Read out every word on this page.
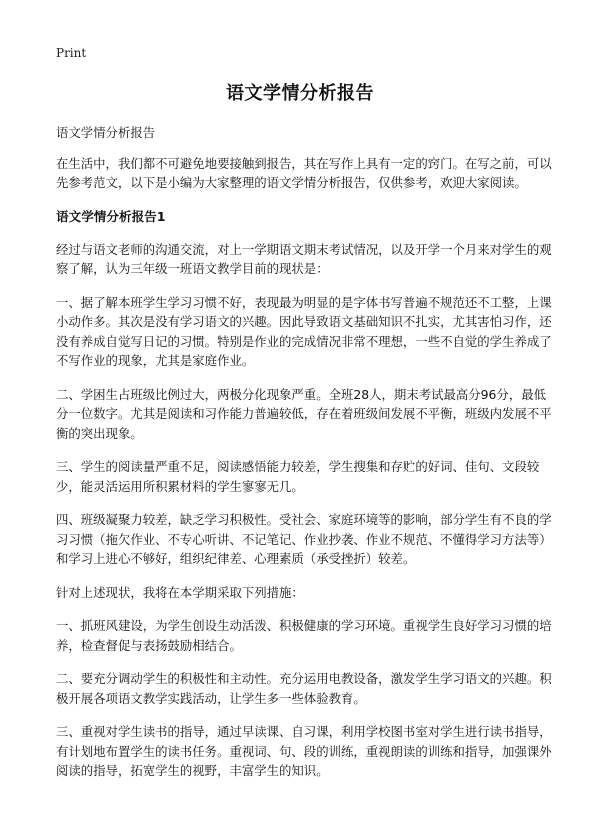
Print
语文学情分析报告

语文学情分析报告

在生活中，我们都不可避免地要接触到报告，其在写作上具有一定的窍门。在写之前，可以先参考范文，以下是小编为大家整理的语文学情分析报告，仅供参考，欢迎大家阅读。

语文学情分析报告1

经过与语文老师的沟通交流，对上一学期语文期末考试情况，以及开学一个月来对学生的观察了解，认为三年级一班语文教学目前的现状是：

一、据了解本班学生学习习惯不好，表现最为明显的是字体书写普遍不规范还不工整，上课小动作多。其次是没有学习语文的兴趣。因此导致语文基础知识不扎实，尤其害怕习作，还没有养成自觉写日记的习惯。特别是作业的完成情况非常不理想，一些不自觉的学生养成了不写作业的现象，尤其是家庭作业。

二、学困生占班级比例过大，两极分化现象严重。全班28人，期末考试最高分96分，最低分一位数字。尤其是阅读和习作能力普遍较低，存在着班级间发展不平衡，班级内发展不平衡的突出现象。

三、学生的阅读量严重不足，阅读感悟能力较差，学生搜集和存贮的好词、佳句、文段较少，能灵活运用所积累材料的学生寥寥无几。

四、班级凝聚力较差，缺乏学习积极性。受社会、家庭环境等的影响，部分学生有不良的学习习惯（拖欠作业、不专心听讲、不记笔记、作业抄袭、作业不规范、不懂得学习方法等）和学习上进心不够好，组织纪律差、心理素质（承受挫折）较差。

针对上述现状，我将在本学期采取下列措施：

一、抓班风建设，为学生创设生动活泼、积极健康的学习环境。重视学生良好学习习惯的培养，检查督促与表扬鼓励相结合。

二、要充分调动学生的积极性和主动性。充分运用电教设备，激发学生学习语文的兴趣。积极开展各项语文教学实践活动，让学生多一些体验教育。

三、重视对学生读书的指导，通过早读课、自习课，利用学校图书室对学生进行读书指导，有计划地布置学生的读书任务。重视词、句、段的训练，重视朗读的训练和指导，加强课外阅读的指导，拓宽学生的视野，丰富学生的知识。
